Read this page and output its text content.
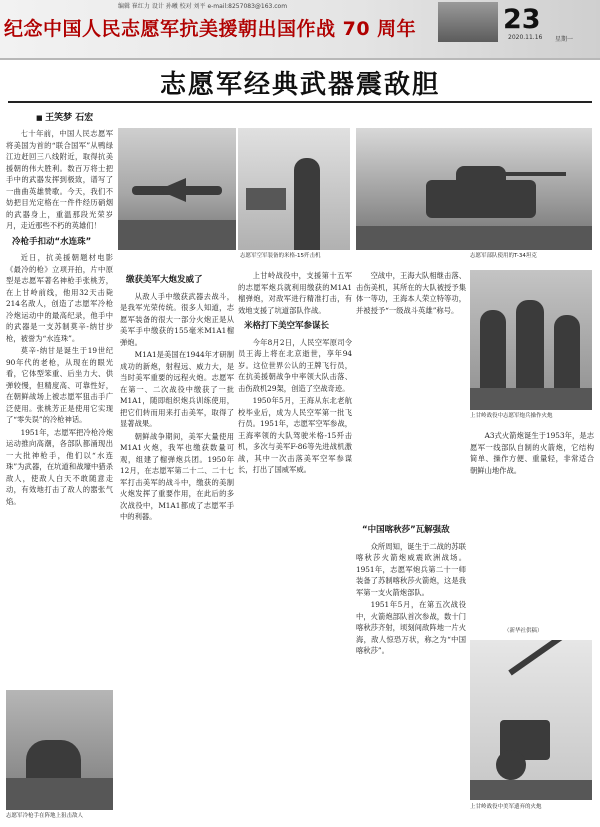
编辑 崔红力 设计 孙曦 校对 刘平 e-mail:8257083@163.com
纪念中国人民志愿军抗美援朝出国作战 70 周年	23
2020.11.16 星期一
志愿军经典武器震敌胆
■ 王笑梦 石宏

七十年前，中国人民志愿军将美国为首的“联合国军”从鸭绿江边赶回三八线附近，取得抗美援朝的伟大胜利。数百万将士把手中的武器发挥到极致，谱写了一曲曲英雄赞歌。今天，我们不妨把目光定格在一件件经历硝烟的武器身上，重温那段光荣岁月，走近那些不朽的英雄们！

冷枪手扣动“水连珠”

近日，抗美援朝题材电影《最冷的枪》立项开拍，片中原型是志愿军著名神枪手张桃芳，在上甘岭前线，他用32天击毙214名敌人，创造了志愿军冷枪冷炮运动中的最高纪录，他手中的武器是一支苏制莫辛-纳甘步枪，被誉为“水连珠”。

莫辛-纳甘是诞生于19世纪90年代的老枪，从现在的眼光看，它体型笨重、后坐力大、供弹较慢，但精度高、可靠性好，在朝鲜战场上被志愿军狙击手广泛使用。张桃芳正是使用它实现了“零失误”的冷枪神话。

1951年，志愿军把冷枪冷炮运动推向高潮，各部队都涌现出一大批神枪手，他们以“水连珠”为武器，在坑道和战壕中猎杀敌人，使敌人白天不敢随意走动，有效地打击了敌人的嚣张气焰。

志愿军冷枪手在阵地上狙击敌人
志愿军空军装备的米格-15歼击机	志愿军部队使用的T-34坦克
缴获美军大炮发威了

从敌人手中缴获武器去战斗，是我军光荣传统。很多人知道，志愿军装备的很大一部分火炮正是从美军手中缴获的155毫米M1A1榴弹炮。

M1A1是美国在1944年才研制成功的新炮，射程远、威力大，是当时美军重要的远程火炮。志愿军在第一、二次战役中缴获了一批M1A1，随即组织炮兵训练使用，把它们转而用来打击美军，取得了显著战果。

朝鲜战争期间，美军大量使用M1A1火炮，我军也缴获数量可观，组建了榴弹炮兵团。1950年12月，在志愿军第二十二、二十七军打击美军的战斗中，缴获的美制火炮发挥了重要作用，在此后的多次战役中，M1A1都成了志愿军手中的利器。

上甘岭战役中，支援第十五军的志愿军炮兵就利用缴获的M1A1榴弹炮，对敌军进行精准打击，有效地支援了坑道部队作战。

米格打下美空军参谋长

今年8月2日，人民空军原司令员王海上将在北京逝世，享年94岁。这位世界公认的王牌飞行员，在抗美援朝战争中率领大队击落、击伤敌机29架，创造了空战奇迹。

1950年5月，王海从东北老航校毕业后，成为人民空军第一批飞行员。1951年，志愿军空军参战，王海率领的大队驾驶米格-15歼击机，多次与美军F-86等先进战机激战，其中一次击落美军空军参谋长，打出了国威军威。

上甘岭战役中志愿军炮兵操作火炮

空战中，王海大队相继击落、击伤美机，其所在的大队被授予集体一等功，王海本人荣立特等功，并被授予“一级战斗英雄”称号。

“中国喀秋莎”瓦解强敌

众所周知，诞生于二战的苏联喀秋莎火箭炮威震欧洲战场。1951年，志愿军炮兵第二十一师装备了苏制喀秋莎火箭炮，这是我军第一支火箭炮部队。

1951年5月，在第五次战役中，火箭炮部队首次参战，数十门喀秋莎齐射，顷刻间敌阵地一片火海，敌人惊恐万状，称之为“中国喀秋莎”。

A3式火箭炮诞生于1953年，是志愿军一线部队自制的火箭炮，它结构简单、操作方便、重量轻，非常适合朝鲜山地作战。

（新华社供稿）
上甘岭战役中美军遗弃的火炮
